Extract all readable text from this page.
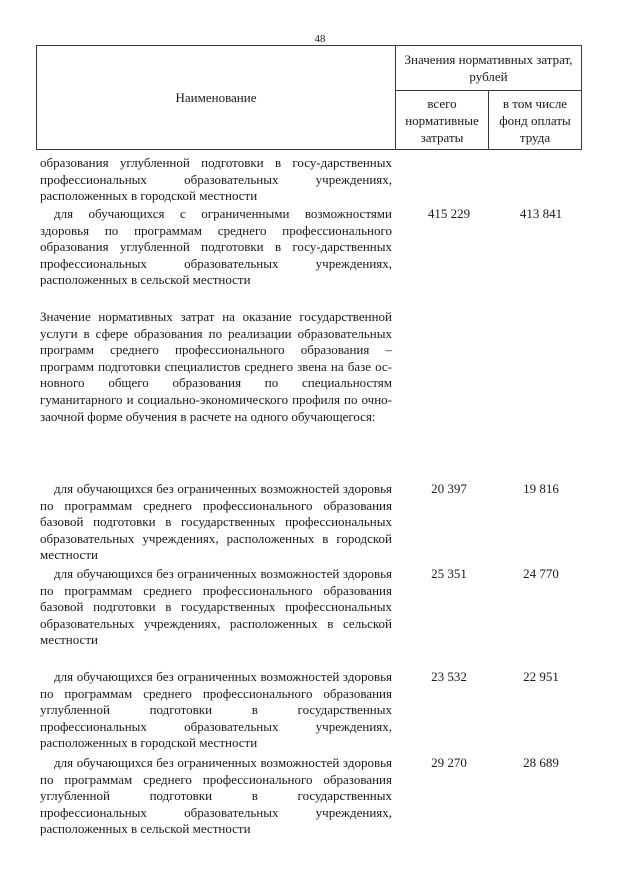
48
Наименование	Значения нормативных затрат, рублей	
	всего нормативные затраты	в том числе фонд оплаты труда
образования углубленной подготовки в госу-дарственных профессиональных образовательных учреждениях, расположенных в городской местности
для обучающихся с ограниченными возможностями здоровья по программам среднего профессионального образования углубленной подготовки в госу-дарственных профессиональных образовательных учреждениях, расположенных в сельской местности
415 229	413 841
Значение нормативных затрат на оказание государственной услуги в сфере образования по реализации образовательных программ среднего профессионального образования – программ подготовки специалистов среднего звена на базе ос-новного общего образования по специальностям гуманитарного и социально-экономического профиля по очно-заочной форме обучения в расчете на одного обучающегося:
для обучающихся без ограниченных возможностей здоровья по программам среднего профессионального образования базовой подготовки в государственных профессиональных образовательных учреждениях, расположенных в городской местности
20 397	19 816
для обучающихся без ограниченных возможностей здоровья по программам среднего профессионального образования базовой подготовки в государственных профессиональных образовательных учреждениях, расположенных в сельской местности
25 351	24 770
для обучающихся без ограниченных возможностей здоровья по программам среднего профессионального образования углубленной подготовки в государственных профессиональных образовательных учреждениях, расположенных в городской местности
23 532	22 951
для обучающихся без ограниченных возможностей здоровья по программам среднего профессионального образования углубленной подготовки в государственных профессиональных образовательных учреждениях, расположенных в сельской местности
29 270	28 689
